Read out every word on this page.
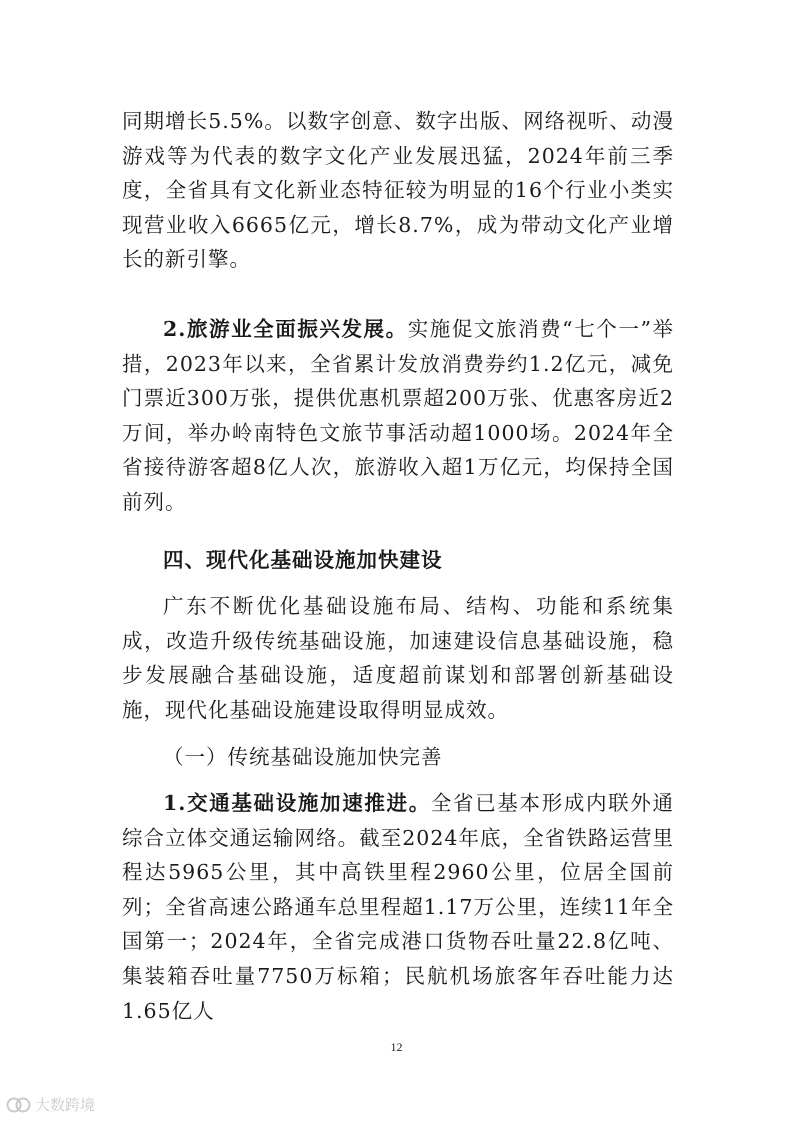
同期增长5.5%。以数字创意、数字出版、网络视听、动漫游戏等为代表的数字文化产业发展迅猛，2024年前三季度，全省具有文化新业态特征较为明显的16个行业小类实现营业收入6665亿元，增长8.7%，成为带动文化产业增长的新引擎。

2.旅游业全面振兴发展。实施促文旅消费“七个一”举措，2023年以来，全省累计发放消费券约1.2亿元，减免门票近300万张，提供优惠机票超200万张、优惠客房近2万间，举办岭南特色文旅节事活动超1000场。2024年全省接待游客超8亿人次，旅游收入超1万亿元，均保持全国前列。

四、现代化基础设施加快建设

广东不断优化基础设施布局、结构、功能和系统集成，改造升级传统基础设施，加速建设信息基础设施，稳步发展融合基础设施，适度超前谋划和部署创新基础设施，现代化基础设施建设取得明显成效。

（一）传统基础设施加快完善

1.交通基础设施加速推进。全省已基本形成内联外通综合立体交通运输网络。截至2024年底，全省铁路运营里程达5965公里，其中高铁里程2960公里，位居全国前列；全省高速公路通车总里程超1.17万公里，连续11年全国第一；2024年，全省完成港口货物吞吐量22.8亿吨、集装箱吞吐量7750万标箱；民航机场旅客年吞吐能力达1.65亿人

12
大数跨境
